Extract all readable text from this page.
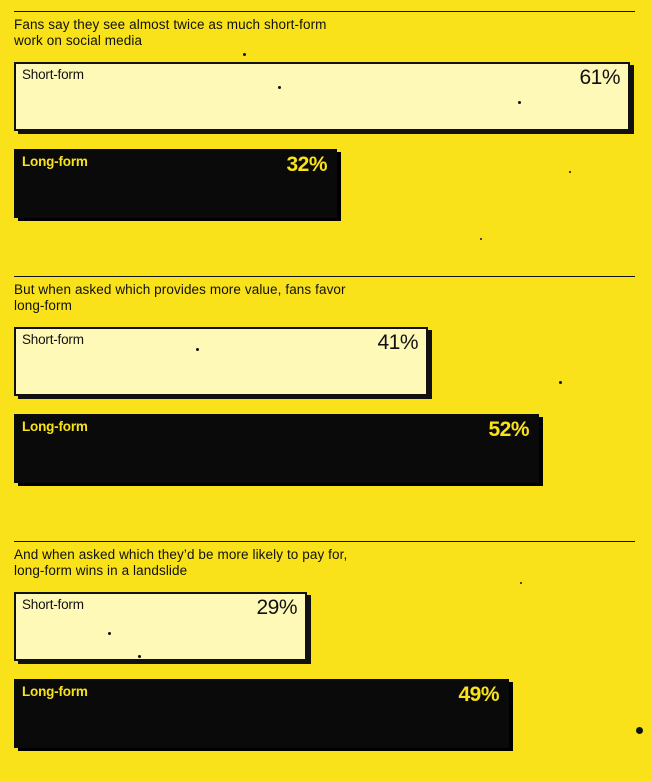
Fans say they see almost twice as much short-form work on social media
Short-form	61%
Long-form	32%
But when asked which provides more value, fans favor long-form
Short-form	41%
Long-form	52%
And when asked which they’d be more likely to pay for, long-form wins in a landslide
Short-form	29%
Long-form	49%
